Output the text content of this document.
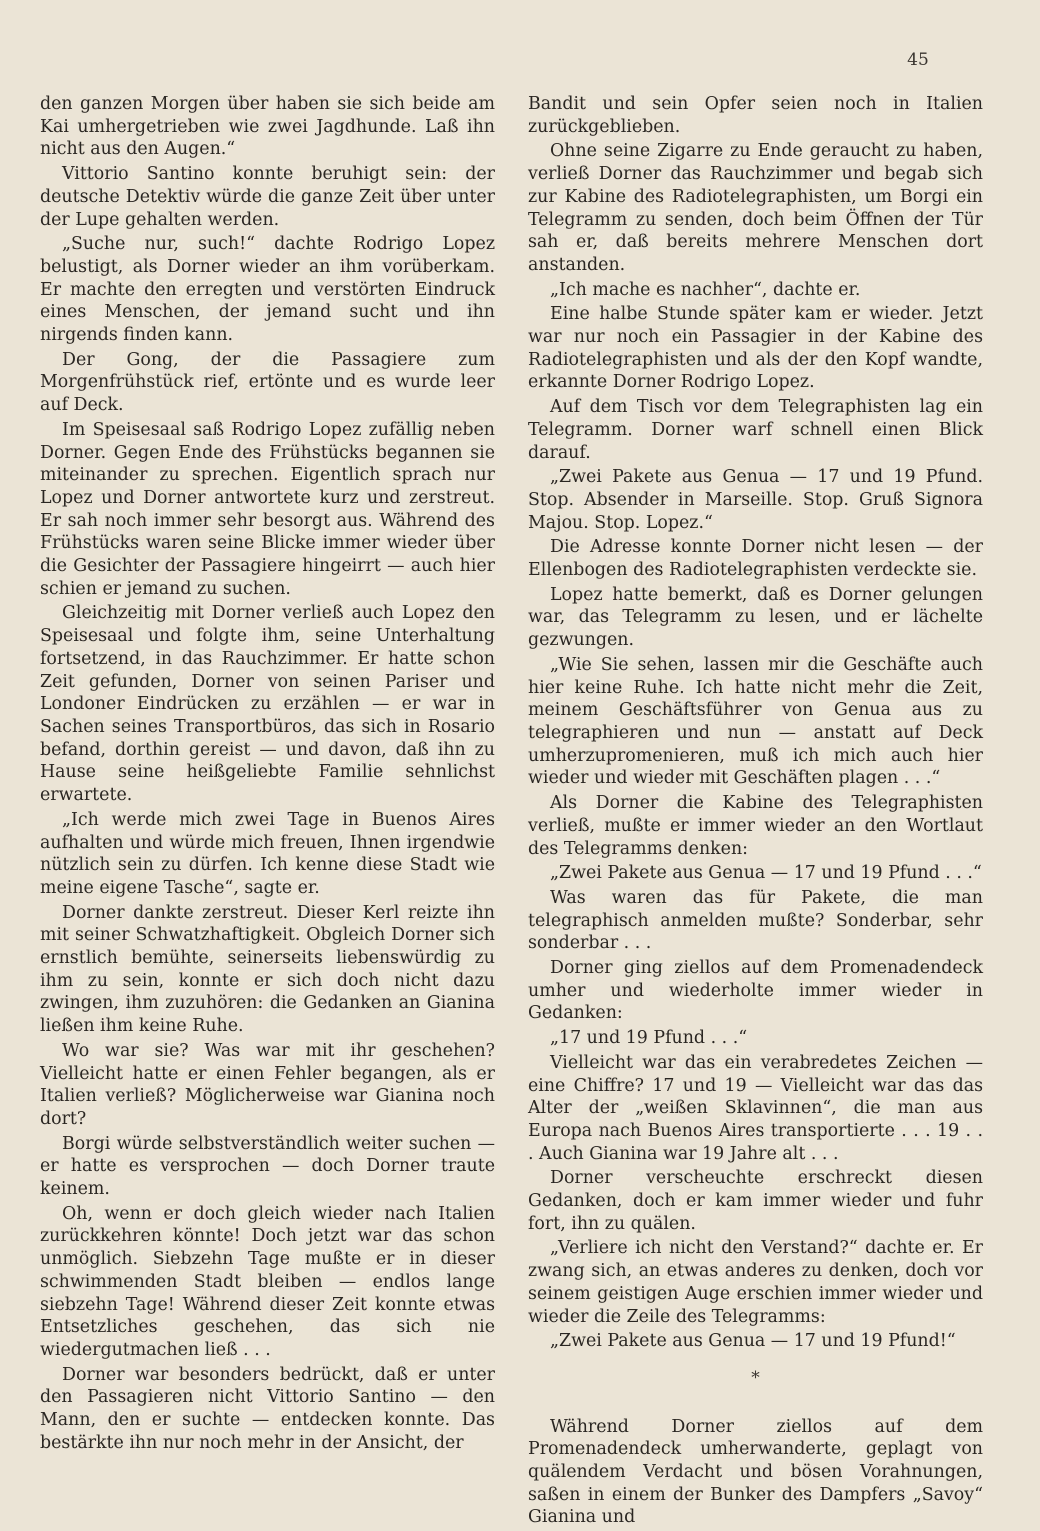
45

den ganzen Morgen über haben sie sich beide am Kai umhergetrieben wie zwei Jagdhunde. Laß ihn nicht aus den Augen.“

Vittorio Santino konnte beruhigt sein: der deutsche Detektiv würde die ganze Zeit über unter der Lupe gehalten werden.

„Suche nur, such!“ dachte Rodrigo Lopez belustigt, als Dorner wieder an ihm vorüberkam. Er machte den erregten und verstörten Eindruck eines Menschen, der jemand sucht und ihn nirgends finden kann.

Der Gong, der die Passagiere zum Morgenfrühstück rief, ertönte und es wurde leer auf Deck.

Im Speisesaal saß Rodrigo Lopez zufällig neben Dorner. Gegen Ende des Frühstücks begannen sie miteinander zu sprechen. Eigentlich sprach nur Lopez und Dorner antwortete kurz und zerstreut. Er sah noch immer sehr besorgt aus. Während des Frühstücks waren seine Blicke immer wieder über die Gesichter der Passagiere hingeirrt — auch hier schien er jemand zu suchen.

Gleichzeitig mit Dorner verließ auch Lopez den Speisesaal und folgte ihm, seine Unterhaltung fortsetzend, in das Rauchzimmer. Er hatte schon Zeit gefunden, Dorner von seinen Pariser und Londoner Eindrücken zu erzählen — er war in Sachen seines Transportbüros, das sich in Rosario befand, dorthin gereist — und davon, daß ihn zu Hause seine heißgeliebte Familie sehnlichst erwartete.

„Ich werde mich zwei Tage in Buenos Aires aufhalten und würde mich freuen, Ihnen irgendwie nützlich sein zu dürfen. Ich kenne diese Stadt wie meine eigene Tasche“, sagte er.

Dorner dankte zerstreut. Dieser Kerl reizte ihn mit seiner Schwatzhaftigkeit. Obgleich Dorner sich ernstlich bemühte, seinerseits liebenswürdig zu ihm zu sein, konnte er sich doch nicht dazu zwingen, ihm zuzuhören: die Gedanken an Gianina ließen ihm keine Ruhe.

Wo war sie? Was war mit ihr geschehen? Vielleicht hatte er einen Fehler begangen, als er Italien verließ? Möglicherweise war Gianina noch dort?

Borgi würde selbstverständlich weiter suchen — er hatte es versprochen — doch Dorner traute keinem.

Oh, wenn er doch gleich wieder nach Italien zurückkehren könnte! Doch jetzt war das schon unmöglich. Siebzehn Tage mußte er in dieser schwimmenden Stadt bleiben — endlos lange siebzehn Tage! Während dieser Zeit konnte etwas Entsetzliches geschehen, das sich nie wiedergutmachen ließ . . .

Dorner war besonders bedrückt, daß er unter den Passagieren nicht Vittorio Santino — den Mann, den er suchte — entdecken konnte. Das bestärkte ihn nur noch mehr in der Ansicht, der

Bandit und sein Opfer seien noch in Italien zurückgeblieben.

Ohne seine Zigarre zu Ende geraucht zu haben, verließ Dorner das Rauchzimmer und begab sich zur Kabine des Radiotelegraphisten, um Borgi ein Telegramm zu senden, doch beim Öffnen der Tür sah er, daß bereits mehrere Menschen dort anstanden.

„Ich mache es nachher“, dachte er.

Eine halbe Stunde später kam er wieder. Jetzt war nur noch ein Passagier in der Kabine des Radiotelegraphisten und als der den Kopf wandte, erkannte Dorner Rodrigo Lopez.

Auf dem Tisch vor dem Telegraphisten lag ein Telegramm. Dorner warf schnell einen Blick darauf.

„Zwei Pakete aus Genua — 17 und 19 Pfund. Stop. Absender in Marseille. Stop. Gruß Signora Majou. Stop. Lopez.“

Die Adresse konnte Dorner nicht lesen — der Ellenbogen des Radiotelegraphisten verdeckte sie.

Lopez hatte bemerkt, daß es Dorner gelungen war, das Telegramm zu lesen, und er lächelte gezwungen.

„Wie Sie sehen, lassen mir die Geschäfte auch hier keine Ruhe. Ich hatte nicht mehr die Zeit, meinem Geschäftsführer von Genua aus zu telegraphieren und nun — anstatt auf Deck umherzupromenieren, muß ich mich auch hier wieder und wieder mit Geschäften plagen . . .“

Als Dorner die Kabine des Telegraphisten verließ, mußte er immer wieder an den Wortlaut des Telegramms denken:

„Zwei Pakete aus Genua — 17 und 19 Pfund . . .“

Was waren das für Pakete, die man telegraphisch anmelden mußte? Sonderbar, sehr sonderbar . . .

Dorner ging ziellos auf dem Promenadendeck umher und wiederholte immer wieder in Gedanken:

„17 und 19 Pfund . . .“

Vielleicht war das ein verabredetes Zeichen — eine Chiffre? 17 und 19 — Vielleicht war das das Alter der „weißen Sklavinnen“, die man aus Europa nach Buenos Aires transportierte . . . 19 . . . Auch Gianina war 19 Jahre alt . . .

Dorner verscheuchte erschreckt diesen Gedanken, doch er kam immer wieder und fuhr fort, ihn zu quälen.

„Verliere ich nicht den Verstand?“ dachte er. Er zwang sich, an etwas anderes zu denken, doch vor seinem geistigen Auge erschien immer wieder und wieder die Zeile des Telegramms:

„Zwei Pakete aus Genua — 17 und 19 Pfund!“

*

Während Dorner ziellos auf dem Promenadendeck umherwanderte, geplagt von quälendem Verdacht und bösen Vorahnungen, saßen in einem der Bunker des Dampfers „Savoy“ Gianina und
